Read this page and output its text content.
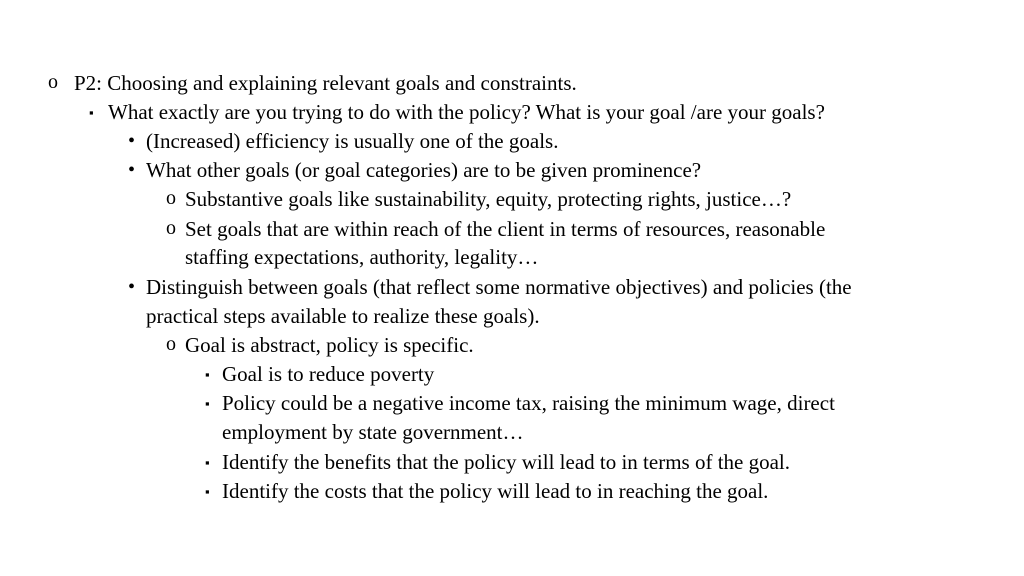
o P2: Choosing and explaining relevant goals and constraints.
▪ What exactly are you trying to do with the policy? What is your goal /are your goals?
• (Increased) efficiency is usually one of the goals.
• What other goals (or goal categories) are to be given prominence?
o Substantive goals like sustainability, equity, protecting rights, justice…?
o Set goals that are within reach of the client in terms of resources, reasonable
staffing expectations, authority, legality…
• Distinguish between goals (that reflect some normative objectives) and policies (the
practical steps available to realize these goals).
o Goal is abstract, policy is specific.
▪ Goal is to reduce poverty
▪ Policy could be a negative income tax, raising the minimum wage, direct
employment by state government…
▪ Identify the benefits that the policy will lead to in terms of the goal.
▪ Identify the costs that the policy will lead to in reaching the goal.
